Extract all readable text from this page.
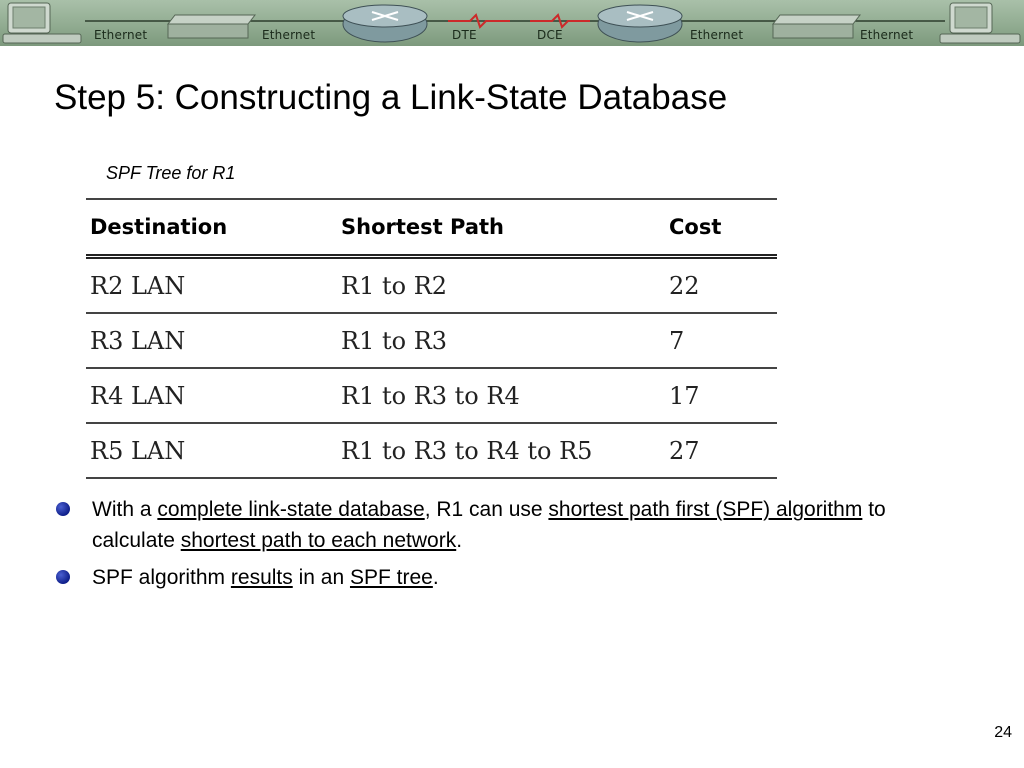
Ethernet	Ethernet	DTE	DCE	Ethernet	Ethernet
Step 5: Constructing a Link-State Database
SPF Tree for R1
Destination	Shortest Path	Cost
R2 LAN	R1 to R2	22
R3 LAN	R1 to R3	7
R4 LAN	R1 to R3 to R4	17
R5 LAN	R1 to R3 to R4 to R5	27
With a complete link-state database, R1 can use shortest path first (SPF) algorithm to calculate shortest path to each network.
SPF algorithm results in an SPF tree.
24
